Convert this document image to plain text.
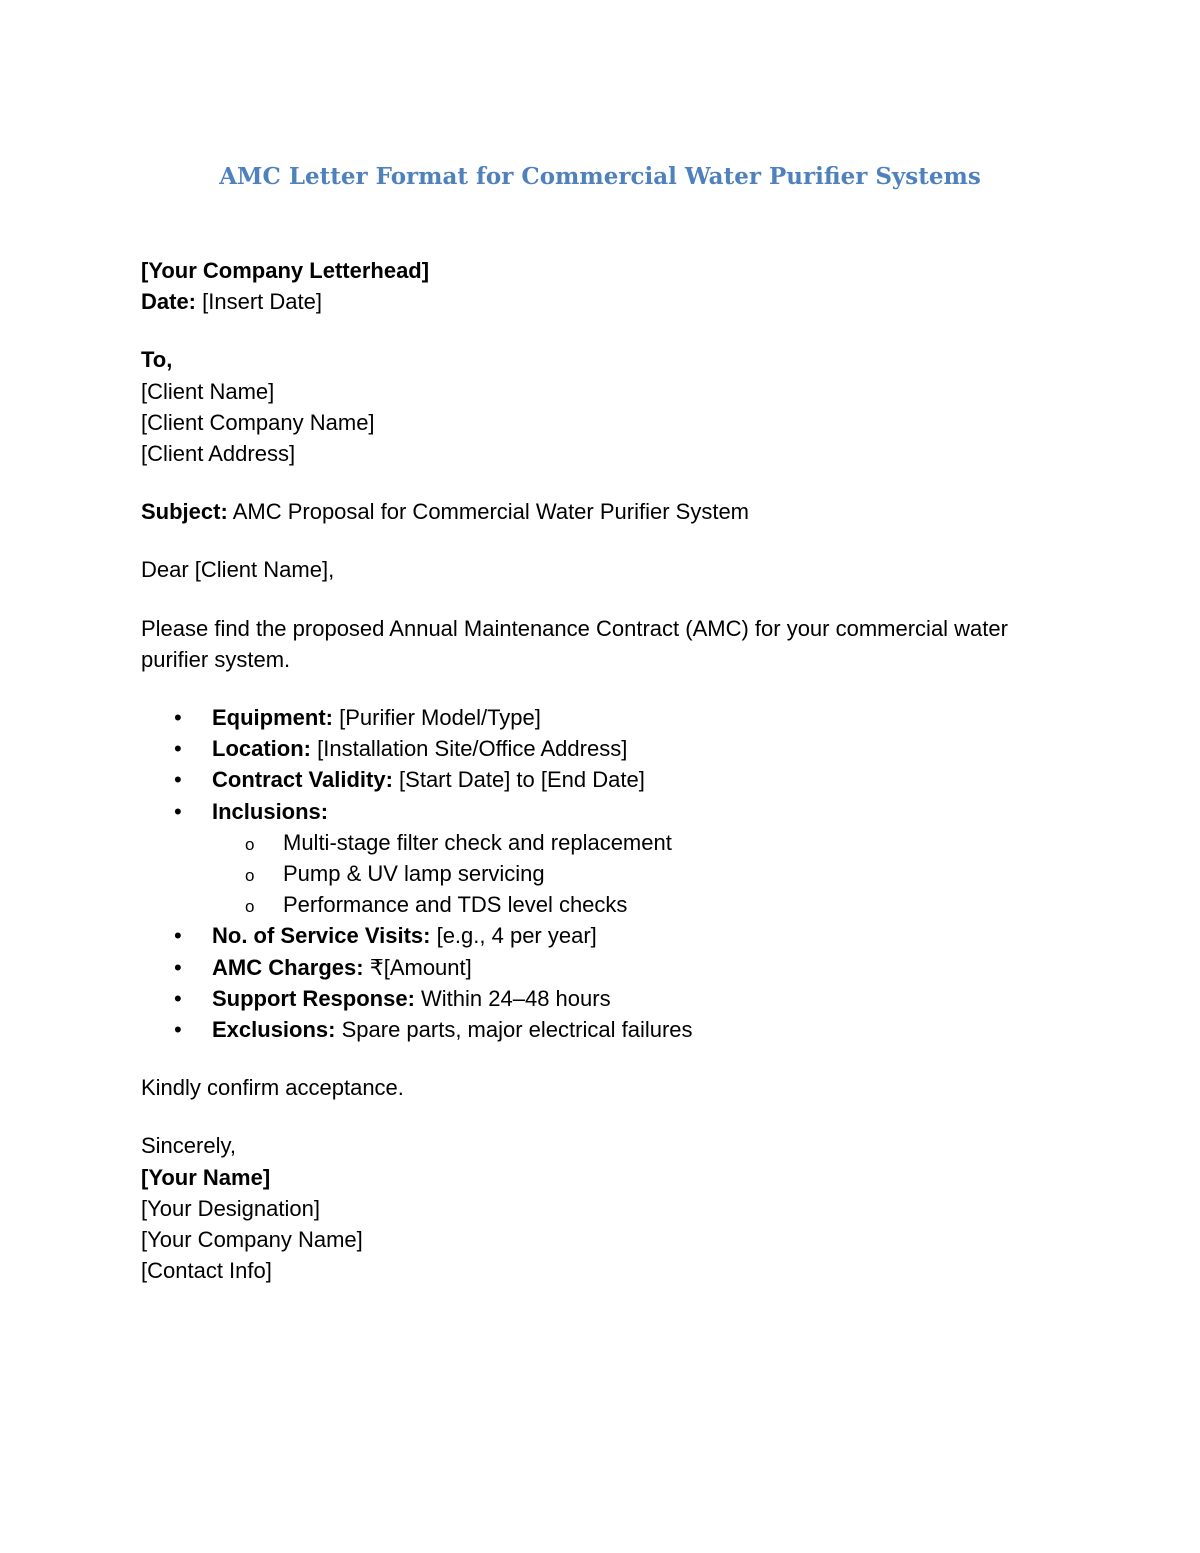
AMC Letter Format for Commercial Water Purifier Systems
[Your Company Letterhead]
Date: [Insert Date]
To,
[Client Name]
[Client Company Name]
[Client Address]
Subject: AMC Proposal for Commercial Water Purifier System
Dear [Client Name],
Please find the proposed Annual Maintenance Contract (AMC) for your commercial water purifier system.
• Equipment: [Purifier Model/Type]
• Location: [Installation Site/Office Address]
• Contract Validity: [Start Date] to [End Date]
• Inclusions:
o Multi-stage filter check and replacement
o Pump & UV lamp servicing
o Performance and TDS level checks
• No. of Service Visits: [e.g., 4 per year]
• AMC Charges: ₹[Amount]
• Support Response: Within 24–48 hours
• Exclusions: Spare parts, major electrical failures
Kindly confirm acceptance.
Sincerely,
[Your Name]
[Your Designation]
[Your Company Name]
[Contact Info]
